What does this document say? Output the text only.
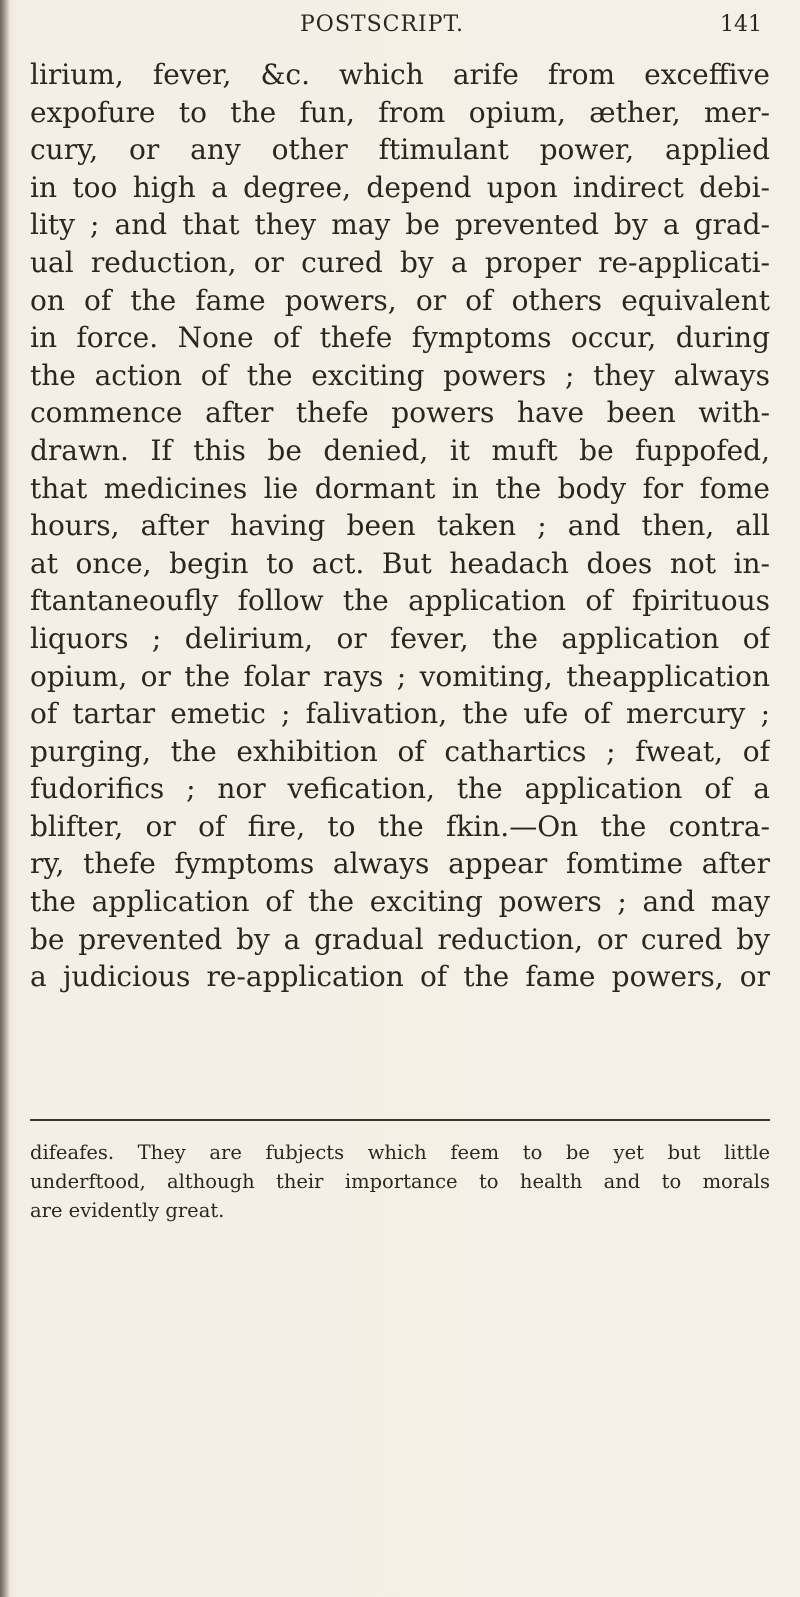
POSTSCRIPT.	141
lirium, fever, &c. which arife from exceffive
expofure to the fun, from opium, æther, mer-
cury, or any other ftimulant power, applied
in too high a degree, depend upon indirect debi-
lity ; and that they may be prevented by a grad-
ual reduction, or cured by a proper re-applicati-
on of the fame powers, or of others equivalent
in force. None of thefe fymptoms occur, during
the action of the exciting powers ; they always
commence after thefe powers have been with-
drawn. If this be denied, it muft be fuppofed,
that medicines lie dormant in the body for fome
hours, after having been taken ; and then, all
at once, begin to act. But headach does not in-
ftantaneoufly follow the application of fpirituous
liquors ; delirium, or fever, the application of
opium, or the folar rays ; vomiting, theapplication
of tartar emetic ; falivation, the ufe of mercury ;
purging, the exhibition of cathartics ; fweat, of
fudorifics ; nor vefication, the application of a
blifter, or of fire, to the fkin.—On the contra-
ry, thefe fymptoms always appear fomtime after
the application of the exciting powers ; and may
be prevented by a gradual reduction, or cured by
a judicious re-application of the fame powers, or
difeafes. They are fubjects which feem to be yet but little
underftood, although their importance to health and to morals
are evidently great.
